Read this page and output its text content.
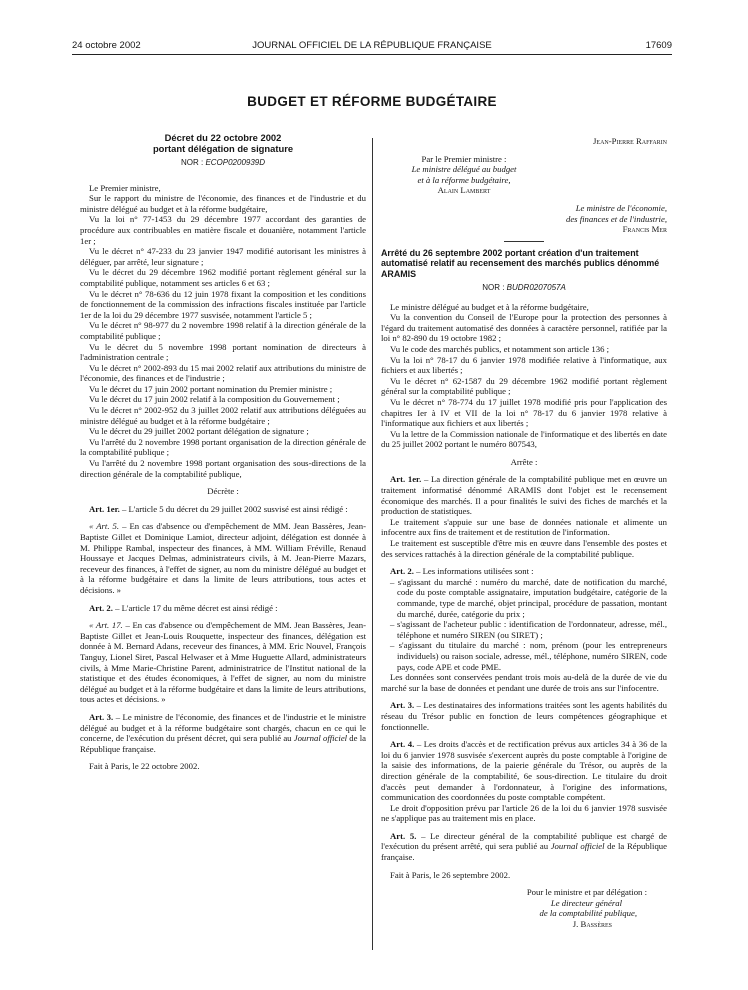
24 octobre 2002	JOURNAL OFFICIEL DE LA RÉPUBLIQUE FRANÇAISE	17609
BUDGET ET RÉFORME BUDGÉTAIRE
Décret du 22 octobre 2002
portant délégation de signature
NOR : ECOP0200939D

Le Premier ministre,

Sur le rapport du ministre de l'économie, des finances et de l'industrie et du ministre délégué au budget et à la réforme budgétaire,

Vu la loi n° 77-1453 du 29 décembre 1977 accordant des garanties de procédure aux contribuables en matière fiscale et douanière, notamment l'article 1er ;

Vu le décret n° 47-233 du 23 janvier 1947 modifié autorisant les ministres à déléguer, par arrêté, leur signature ;

Vu le décret du 29 décembre 1962 modifié portant règlement général sur la comptabilité publique, notamment ses articles 6 et 63 ;

Vu le décret n° 78-636 du 12 juin 1978 fixant la composition et les conditions de fonctionnement de la commission des infractions fiscales instituée par l'article 1er de la loi du 29 décembre 1977 susvisée, notamment l'article 5 ;

Vu le décret n° 98-977 du 2 novembre 1998 relatif à la direction générale de la comptabilité publique ;

Vu le décret du 5 novembre 1998 portant nomination de directeurs à l'administration centrale ;

Vu le décret n° 2002-893 du 15 mai 2002 relatif aux attributions du ministre de l'économie, des finances et de l'industrie ;

Vu le décret du 17 juin 2002 portant nomination du Premier ministre ;

Vu le décret du 17 juin 2002 relatif à la composition du Gouvernement ;

Vu le décret n° 2002-952 du 3 juillet 2002 relatif aux attributions déléguées au ministre délégué au budget et à la réforme budgétaire ;

Vu le décret du 29 juillet 2002 portant délégation de signature ;

Vu l'arrêté du 2 novembre 1998 portant organisation de la direction générale de la comptabilité publique ;

Vu l'arrêté du 2 novembre 1998 portant organisation des sous-directions de la direction générale de la comptabilité publique,

Décrète :

Art. 1er. – L'article 5 du décret du 29 juillet 2002 susvisé est ainsi rédigé :

« Art. 5. – En cas d'absence ou d'empêchement de MM. Jean Bassères, Jean-Baptiste Gillet et Dominique Lamiot, directeur adjoint, délégation est donnée à M. Philippe Rambal, inspecteur des finances, à MM. William Fréville, Renaud Houssaye et Jacques Delmas, administrateurs civils, à M. Jean-Pierre Mazars, receveur des finances, à l'effet de signer, au nom du ministre délégué au budget et à la réforme budgétaire et dans la limite de leurs attributions, tous actes et décisions. »

Art. 2. – L'article 17 du même décret est ainsi rédigé :

« Art. 17. – En cas d'absence ou d'empêchement de MM. Jean Bassères, Jean-Baptiste Gillet et Jean-Louis Rouquette, inspecteur des finances, délégation est donnée à M. Bernard Adans, receveur des finances, à MM. Eric Nouvel, François Tanguy, Lionel Siret, Pascal Helwaser et à Mme Huguette Allard, administrateurs civils, à Mme Marie-Christine Parent, administratrice de l'Institut national de la statistique et des études économiques, à l'effet de signer, au nom du ministre délégué au budget et à la réforme budgétaire et dans la limite de leurs attributions, tous actes et décisions. »

Art. 3. – Le ministre de l'économie, des finances et de l'industrie et le ministre délégué au budget et à la réforme budgétaire sont chargés, chacun en ce qui le concerne, de l'exécution du présent décret, qui sera publié au Journal officiel de la République française.

Fait à Paris, le 22 octobre 2002.

Jean-Pierre Raffarin

Par le Premier ministre :

Le ministre délégué au budget

et à la réforme budgétaire,

Alain Lambert

Le ministre de l'économie,

des finances et de l'industrie,

Francis Mer

Arrêté du 26 septembre 2002 portant création d'un traitement automatisé relatif au recensement des marchés publics dénommé ARAMIS
NOR : BUDR0207057A

Le ministre délégué au budget et à la réforme budgétaire,

Vu la convention du Conseil de l'Europe pour la protection des personnes à l'égard du traitement automatisé des données à caractère personnel, ratifiée par la loi n° 82-890 du 19 octobre 1982 ;

Vu le code des marchés publics, et notamment son article 136 ;

Vu la loi n° 78-17 du 6 janvier 1978 modifiée relative à l'informatique, aux fichiers et aux libertés ;

Vu le décret n° 62-1587 du 29 décembre 1962 modifié portant règlement général sur la comptabilité publique ;

Vu le décret n° 78-774 du 17 juillet 1978 modifié pris pour l'application des chapitres Ier à IV et VII de la loi n° 78-17 du 6 janvier 1978 relative à l'informatique aux fichiers et aux libertés ;

Vu la lettre de la Commission nationale de l'informatique et des libertés en date du 25 juillet 2002 portant le numéro 807543,

Arrête :

Art. 1er. – La direction générale de la comptabilité publique met en œuvre un traitement informatisé dénommé ARAMIS dont l'objet est le recensement économique des marchés. Il a pour finalités le suivi des fiches de marchés et la production de statistiques.

Le traitement s'appuie sur une base de données nationale et alimente un infocentre aux fins de traitement et de restitution de l'information.

Le traitement est susceptible d'être mis en œuvre dans l'ensemble des postes et des services rattachés à la direction générale de la comptabilité publique.

Art. 2. – Les informations utilisées sont :

– s'agissant du marché : numéro du marché, date de notification du marché, code du poste comptable assignataire, imputation budgétaire, catégorie de la commande, type de marché, objet principal, procédure de passation, montant du marché, durée, catégorie du prix ;
– s'agissant de l'acheteur public : identification de l'ordonnateur, adresse, mél., téléphone et numéro SIREN (ou SIRET) ;
– s'agissant du titulaire du marché : nom, prénom (pour les entrepreneurs individuels) ou raison sociale, adresse, mél., téléphone, numéro SIREN, code pays, code APE et code PME.

Les données sont conservées pendant trois mois au-delà de la durée de vie du marché sur la base de données et pendant une durée de trois ans sur l'infocentre.

Art. 3. – Les destinataires des informations traitées sont les agents habilités du réseau du Trésor public en fonction de leurs compétences géographique et fonctionnelle.

Art. 4. – Les droits d'accès et de rectification prévus aux articles 34 à 36 de la loi du 6 janvier 1978 susvisée s'exercent auprès du poste comptable à l'origine de la saisie des informations, de la paierie générale du Trésor, ou auprès de la direction générale de la comptabilité, 6e sous-direction. Le titulaire du droit d'accès peut demander à l'ordonnateur, à l'origine des informations, communication des coordonnées du poste comptable compétent.

Le droit d'opposition prévu par l'article 26 de la loi du 6 janvier 1978 susvisée ne s'applique pas au traitement mis en place.

Art. 5. – Le directeur général de la comptabilité publique est chargé de l'exécution du présent arrêté, qui sera publié au Journal officiel de la République française.

Fait à Paris, le 26 septembre 2002.

Pour le ministre et par délégation :

Le directeur général

de la comptabilité publique,

J. Bassères
